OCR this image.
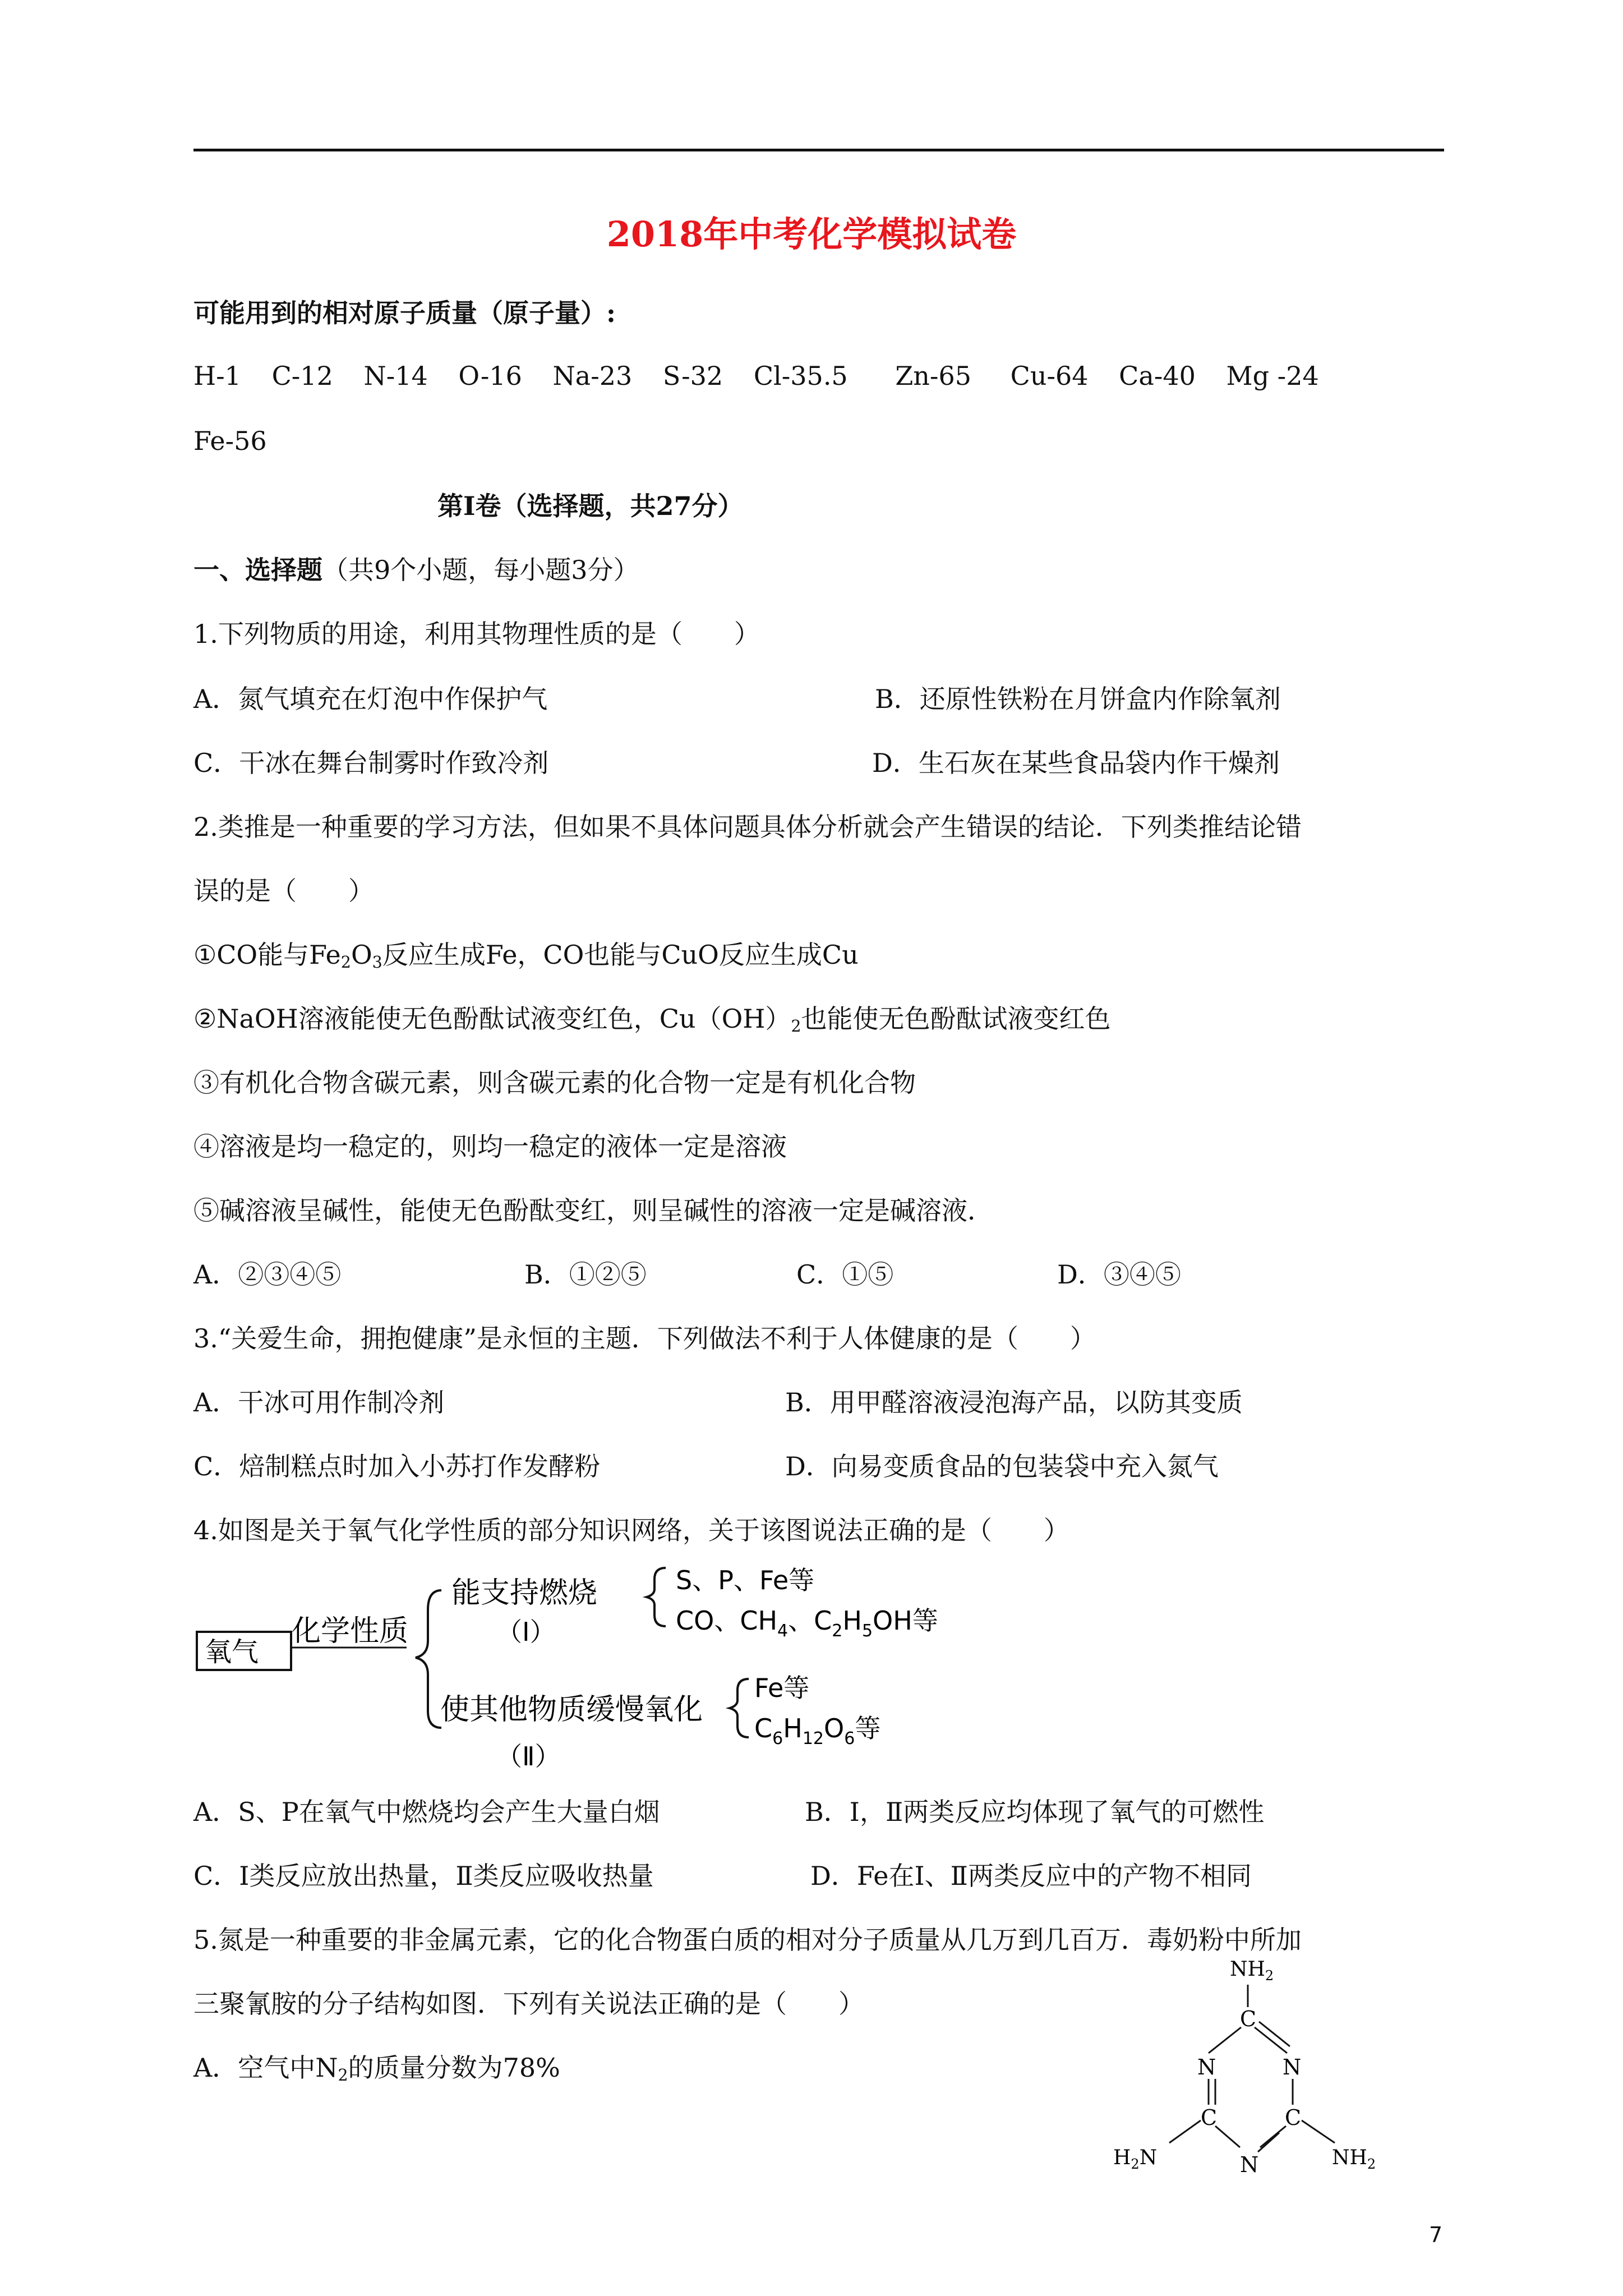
2018年中考化学模拟试卷
可能用到的相对原子质量（原子量）:
H-1 C-12 N-14 O-16 Na-23 S-32 Cl-35.5 Zn-65 Cu-64 Ca-40 Mg -24
Fe-56
第Ⅰ卷（选择题，共27分）
一、选择题（共9个小题，每小题3分）
1.下列物质的用途，利用其物理性质的是（　　）
A．氮气填充在灯泡中作保护气	B．还原性铁粉在月饼盒内作除氧剂
C．干冰在舞台制雾时作致冷剂	D．生石灰在某些食品袋内作干燥剂
2.类推是一种重要的学习方法，但如果不具体问题具体分析就会产生错误的结论．下列类推结论错
误的是（　　）
①CO能与$Fe_2O_3$反应生成Fe，CO也能与CuO反应生成Cu
②NaOH溶液能使无色酚酞试液变红色，$Cu(OH)_2$也能使无色酚酞试液变红色
③有机化合物含碳元素，则含碳元素的化合物一定是有机化合物
④溶液是均一稳定的，则均一稳定的液体一定是溶液
⑤碱溶液呈碱性，能使无色酚酞变红，则呈碱性的溶液一定是碱溶液．
A．②③④⑤	B．①②⑤	C．①⑤	D．③④⑤
3.“关爱生命，拥抱健康”是永恒的主题．下列做法不利于人体健康的是（　　）
A．干冰可用作制冷剂	B．用甲醛溶液浸泡海产品，以防其变质
C．焙制糕点时加入小苏打作发酵粉	D．向易变质食品的包装袋中充入氮气
4.如图是关于氧气化学性质的部分知识网络，关于该图说法正确的是（　　）
氧气
化学性质
能支持燃烧
（Ⅰ）
S、P、Fe等
CO、$CH_4$、$C_2H_5OH$等
使其他物质缓慢氧化
（Ⅱ）
Fe等
$C_6H_{12}O_6$等
A．S、P在氧气中燃烧均会产生大量白烟	B．Ⅰ，Ⅱ两类反应均体现了氧气的可燃性
C．Ⅰ类反应放出热量，Ⅱ类反应吸收热量	D．Fe在Ⅰ、Ⅱ两类反应中的产物不相同
5.氮是一种重要的非金属元素，它的化合物蛋白质的相对分子质量从几万到几百万．毒奶粉中所加
三聚氰胺的分子结构如图．下列有关说法正确的是（　　）
A．空气中$N_2$的质量分数为78%
$NH_2$
C
N	N
C	C
N
$H_2N$	$NH_2$
7
